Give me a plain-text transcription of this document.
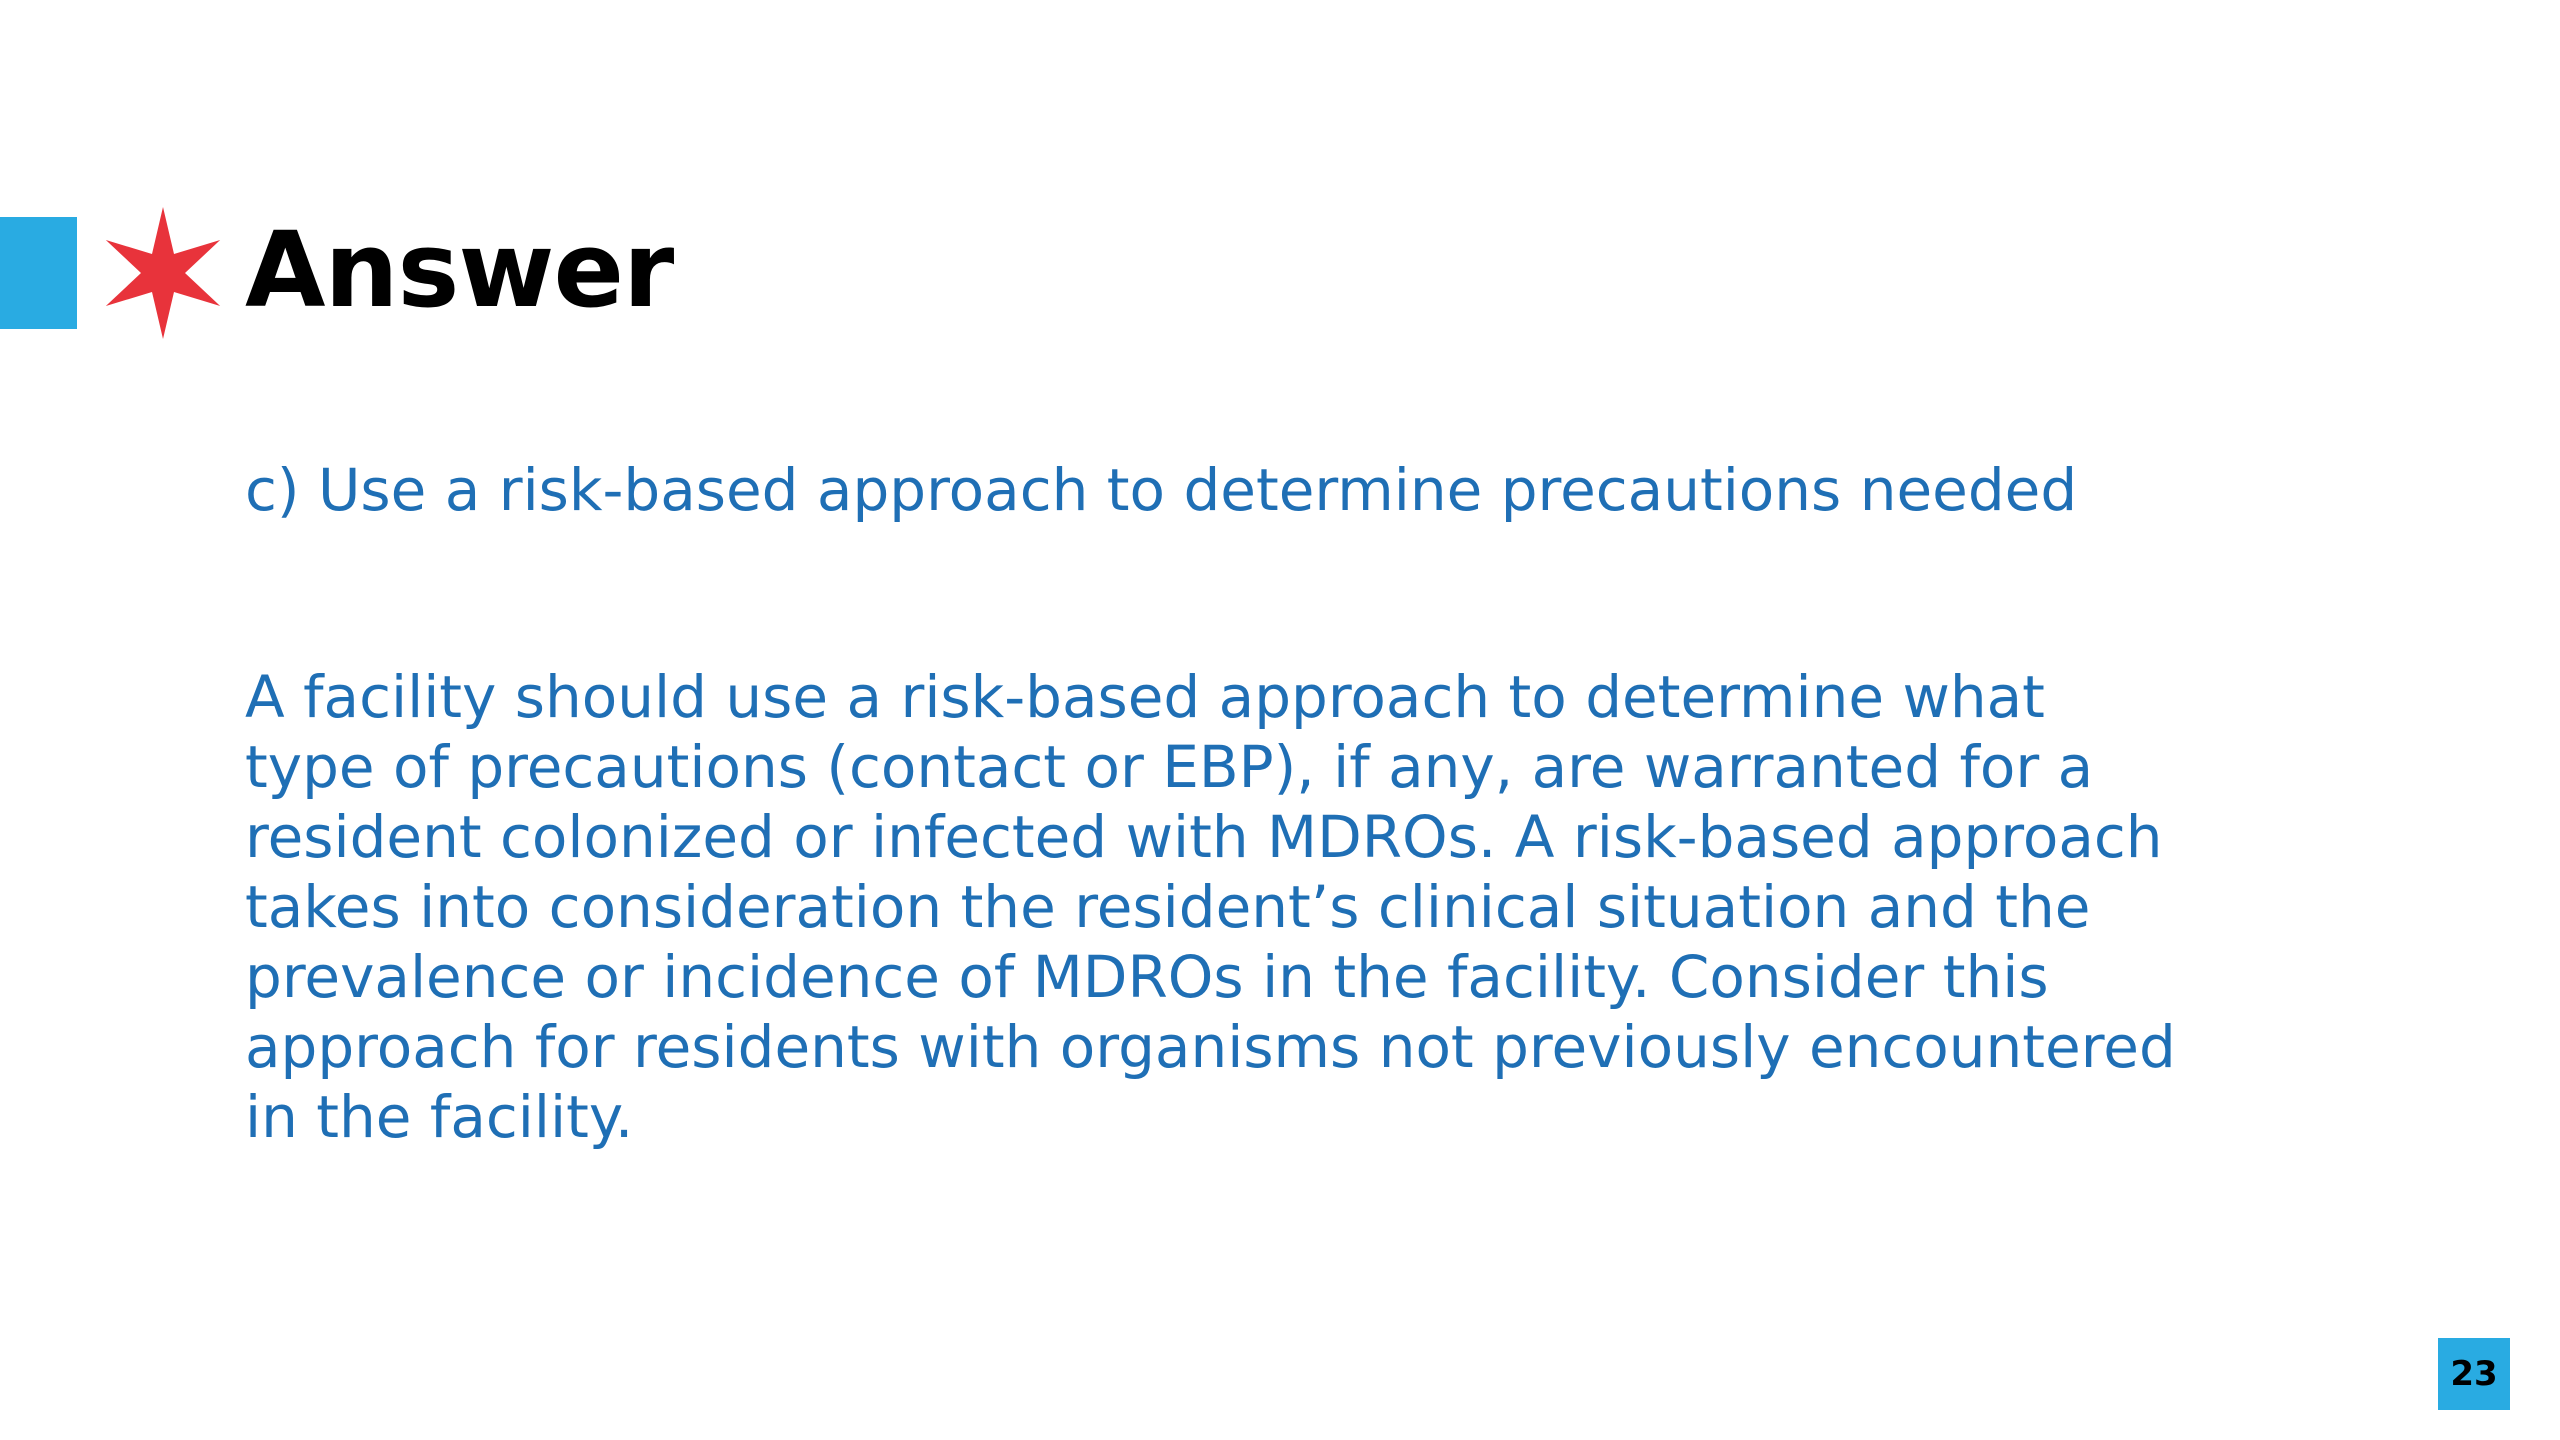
Answer
c) Use a risk-based approach to determine precautions needed
A facility should use a risk-based approach to determine what
type of precautions (contact or EBP), if any, are warranted for a
resident colonized or infected with MDROs. A risk-based approach
takes into consideration the resident’s clinical situation and the
prevalence or incidence of MDROs in the facility. Consider this
approach for residents with organisms not previously encountered
in the facility.
23
